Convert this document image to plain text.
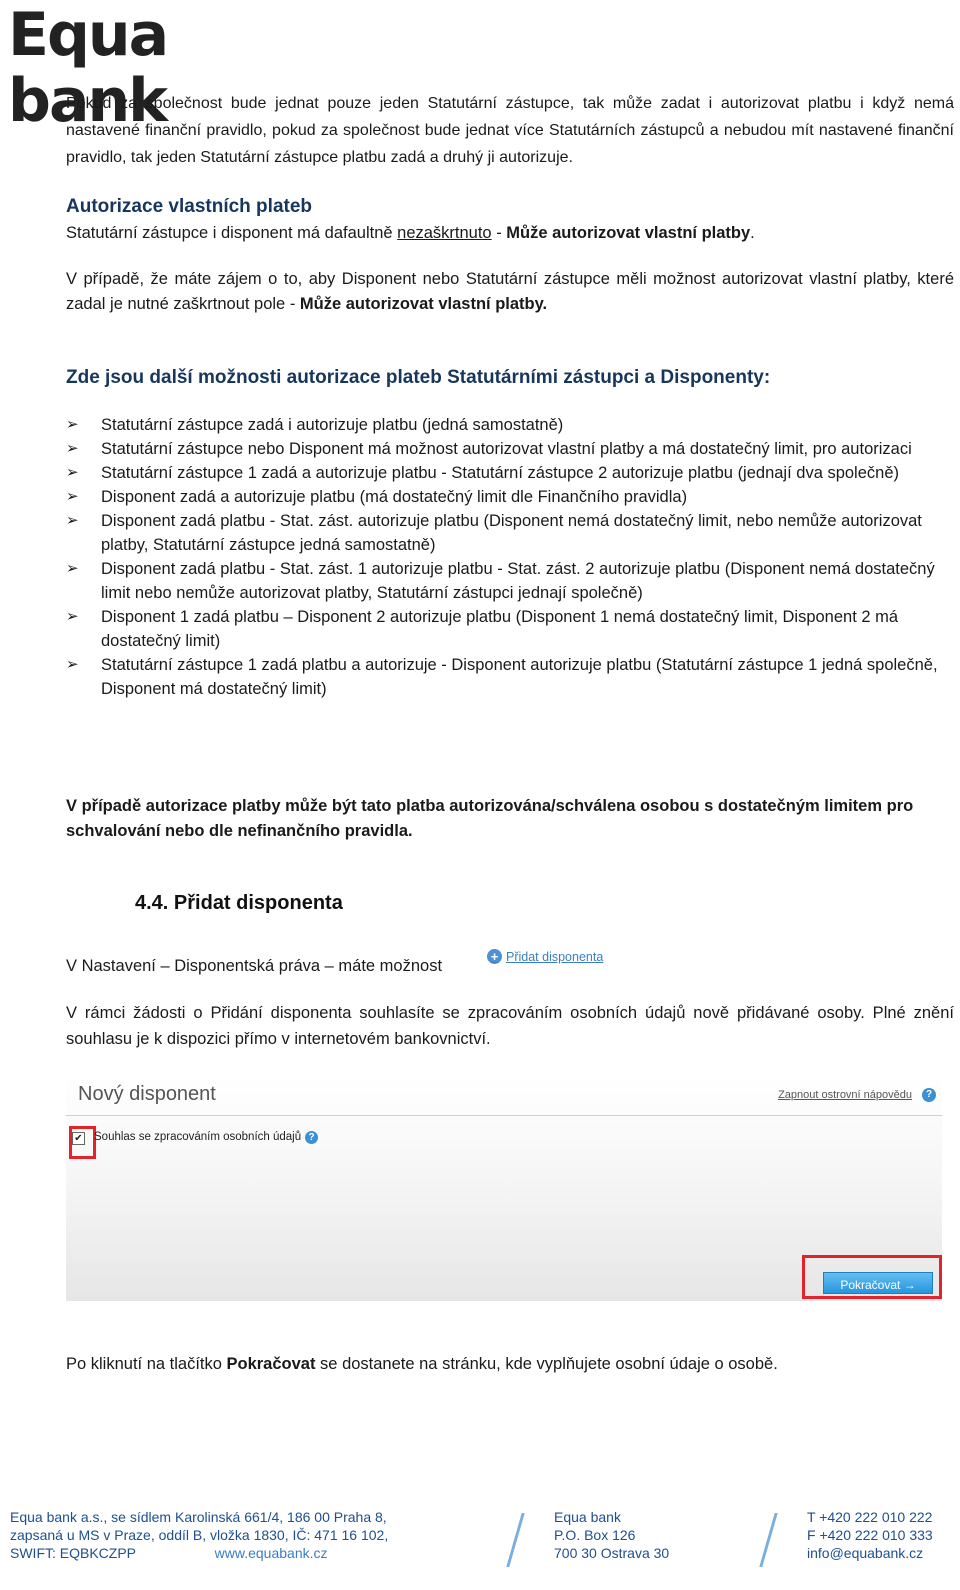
Equa bank

Pokud za společnost bude jednat pouze jeden Statutární zástupce, tak může zadat i autorizovat platbu i když nemá nastavené finanční pravidlo, pokud za společnost bude jednat více Statutárních zástupců a nebudou mít nastavené finanční pravidlo, tak jeden Statutární zástupce platbu zadá a druhý ji autorizuje.

Autorizace vlastních plateb

Statutární zástupce i disponent má dafaultně nezaškrtnuto - Může autorizovat vlastní platby.

V případě, že máte zájem o to, aby Disponent nebo Statutární zástupce měli možnost autorizovat vlastní platby, které zadal je nutné zaškrtnout pole - Může autorizovat vlastní platby.

Zde jsou další možnosti autorizace plateb Statutárními zástupci a Disponenty:
➢ Statutární zástupce zadá i autorizuje platbu (jedná samostatně)
➢ Statutární zástupce nebo Disponent má možnost autorizovat vlastní platby a má dostatečný limit, pro autorizaci
➢ Statutární zástupce 1 zadá a autorizuje platbu - Statutární zástupce 2 autorizuje platbu (jednají dva společně)
➢ Disponent zadá a autorizuje platbu (má dostatečný limit dle Finančního pravidla)
➢ Disponent zadá platbu - Stat. zást. autorizuje platbu (Disponent nemá dostatečný limit, nebo nemůže autorizovat platby, Statutární zástupce jedná samostatně)
➢ Disponent zadá platbu - Stat. zást. 1 autorizuje platbu - Stat. zást. 2 autorizuje platbu (Disponent nemá dostatečný limit nebo nemůže autorizovat platby, Statutární zástupci jednají společně)
➢ Disponent 1 zadá platbu – Disponent 2 autorizuje platbu (Disponent 1 nemá dostatečný limit, Disponent 2 má dostatečný limit)
➢ Statutární zástupce 1 zadá platbu a autorizuje - Disponent autorizuje platbu (Statutární zástupce 1 jedná společně, Disponent má dostatečný limit)

V případě autorizace platby může být tato platba autorizována/schválena osobou s dostatečným limitem pro schvalování nebo dle nefinančního pravidla.

4.4. Přidat disponenta

V Nastavení – Disponentská práva – máte možnost

+ Přidat disponenta

V rámci žádosti o Přidání disponenta souhlasíte se zpracováním osobních údajů nově přidávané osoby. Plné znění souhlasu je k dispozici přímo v internetovém bankovnictví.

Nový disponent	Zapnout ostrovní nápovědu	?
✔ Souhlas se zpracováním osobních údajů ?
Pokračovat →

Po kliknutí na tlačítko Pokračovat se dostanete na stránku, kde vyplňujete osobní údaje o osobě.

Equa bank a.s., se sídlem Karolinská 661/4, 186 00 Praha 8,
zapsaná u MS v Praze, oddíl B, vložka 1830, IČ: 471 16 102,
SWIFT: EQBKCZPP	www.equabank.cz
Equa bank
P.O. Box 126
700 30 Ostrava 30
T +420 222 010 222
F +420 222 010 333
info@equabank.cz
